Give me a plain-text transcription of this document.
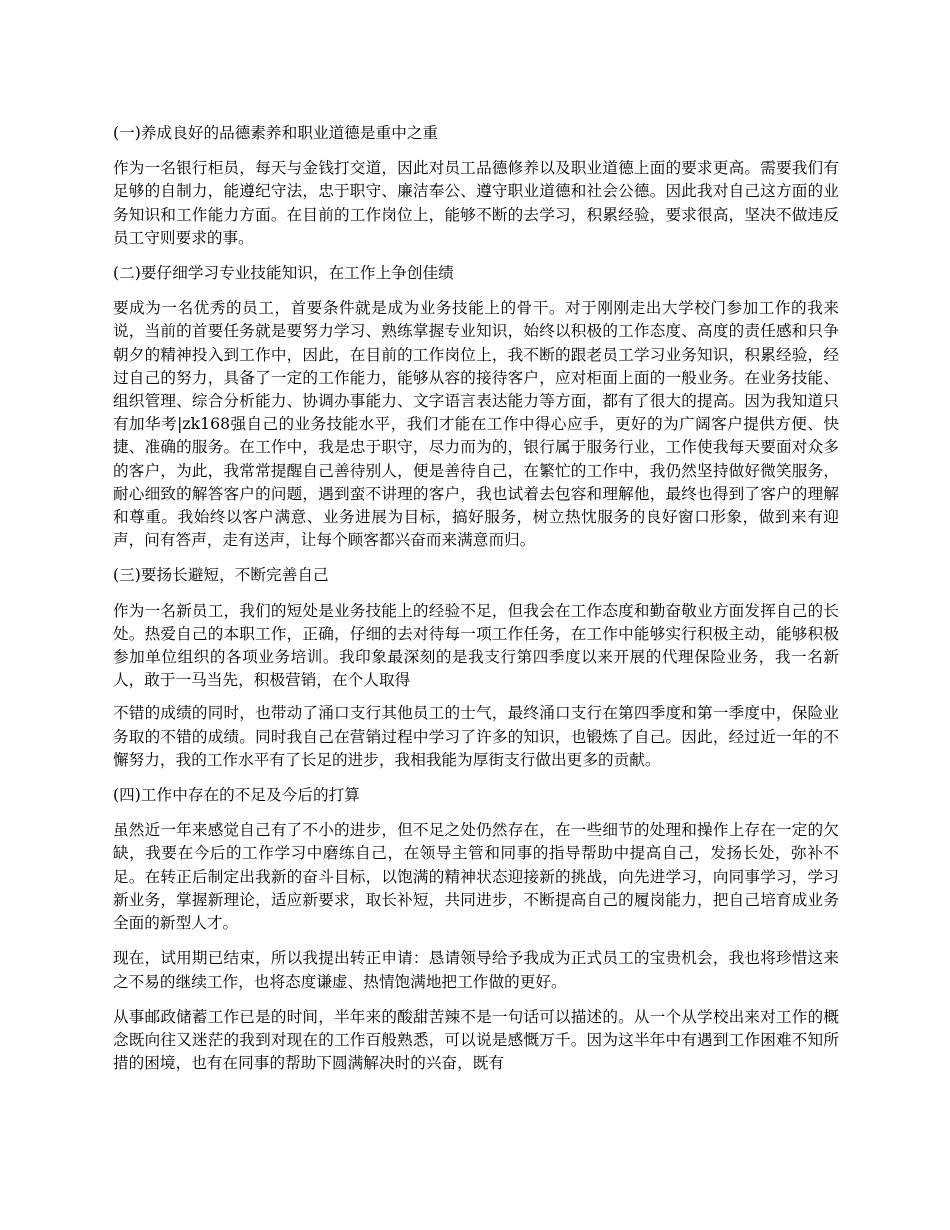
(一)养成良好的品德素养和职业道德是重中之重
作为一名银行柜员，每天与金钱打交道，因此对员工品德修养以及职业道德上面的要求更高。需要我们有足够的自制力，能遵纪守法，忠于职守、廉洁奉公、遵守职业道德和社会公德。因此我对自己这方面的业务知识和工作能力方面。在目前的工作岗位上，能够不断的去学习，积累经验，要求很高，坚决不做违反员工守则要求的事。
(二)要仔细学习专业技能知识，在工作上争创佳绩
要成为一名优秀的员工，首要条件就是成为业务技能上的骨干。对于刚刚走出大学校门参加工作的我来说，当前的首要任务就是要努力学习、熟练掌握专业知识，始终以积极的工作态度、高度的责任感和只争朝夕的精神投入到工作中，因此，在目前的工作岗位上，我不断的跟老员工学习业务知识，积累经验，经过自己的努力，具备了一定的工作能力，能够从容的接待客户，应对柜面上面的一般业务。在业务技能、组织管理、综合分析能力、协调办事能力、文字语言表达能力等方面，都有了很大的提高。因为我知道只有加华考|zk168强自己的业务技能水平，我们才能在工作中得心应手，更好的为广阔客户提供方便、快捷、准确的服务。在工作中，我是忠于职守，尽力而为的，银行属于服务行业，工作使我每天要面对众多的客户，为此，我常常提醒自己善待别人，便是善待自己，在繁忙的工作中，我仍然坚持做好微笑服务，耐心细致的解答客户的问题，遇到蛮不讲理的客户，我也试着去包容和理解他，最终也得到了客户的理解和尊重。我始终以客户满意、业务进展为目标，搞好服务，树立热忱服务的良好窗口形象，做到来有迎声，问有答声，走有送声，让每个顾客都兴奋而来满意而归。
(三)要扬长避短，不断完善自己
作为一名新员工，我们的短处是业务技能上的经验不足，但我会在工作态度和勤奋敬业方面发挥自己的长处。热爱自己的本职工作，正确，仔细的去对待每一项工作任务，在工作中能够实行积极主动，能够积极参加单位组织的各项业务培训。我印象最深刻的是我支行第四季度以来开展的代理保险业务，我一名新人，敢于一马当先，积极营销，在个人取得
不错的成绩的同时，也带动了涌口支行其他员工的士气，最终涌口支行在第四季度和第一季度中，保险业务取的不错的成绩。同时我自己在营销过程中学习了许多的知识，也锻炼了自己。因此，经过近一年的不懈努力，我的工作水平有了长足的进步，我相我能为厚街支行做出更多的贡献。
(四)工作中存在的不足及今后的打算
虽然近一年来感觉自己有了不小的进步，但不足之处仍然存在，在一些细节的处理和操作上存在一定的欠缺，我要在今后的工作学习中磨练自己，在领导主管和同事的指导帮助中提高自己，发扬长处，弥补不足。在转正后制定出我新的奋斗目标，以饱满的精神状态迎接新的挑战，向先进学习，向同事学习，学习新业务，掌握新理论，适应新要求，取长补短，共同进步，不断提高自己的履岗能力，把自己培育成业务全面的新型人才。
现在，试用期已结束，所以我提出转正申请：恳请领导给予我成为正式员工的宝贵机会，我也将珍惜这来之不易的继续工作，也将态度谦虚、热情饱满地把工作做的更好。
从事邮政储蓄工作已是的时间，半年来的酸甜苦辣不是一句话可以描述的。从一个从学校出来对工作的概念既向往又迷茫的我到对现在的工作百般熟悉，可以说是感慨万千。因为这半年中有遇到工作困难不知所措的困境，也有在同事的帮助下圆满解决时的兴奋，既有
